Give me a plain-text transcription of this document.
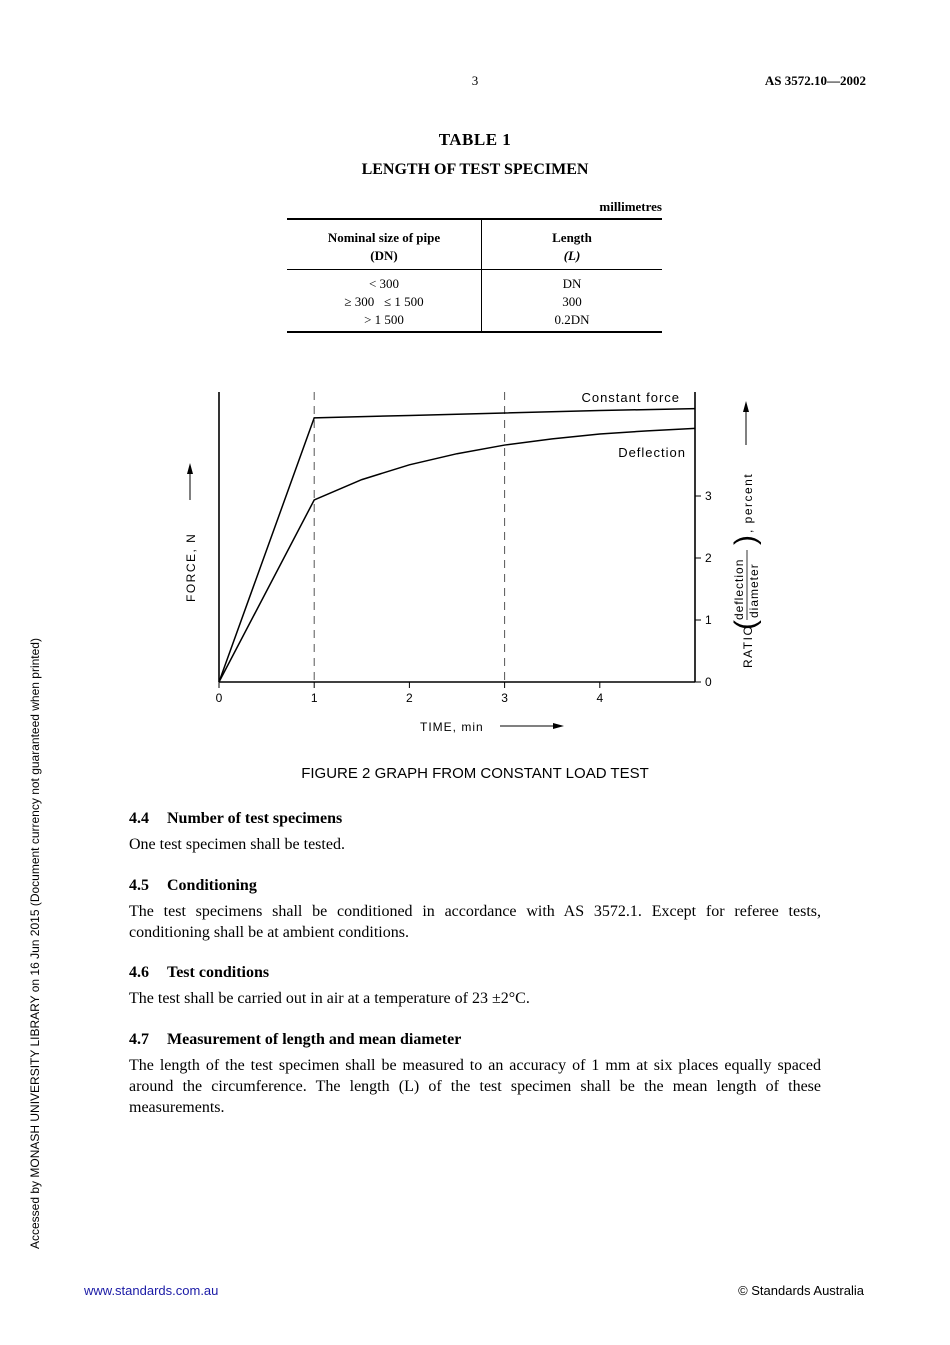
3	AS 3572.10—2002
TABLE 1
LENGTH OF TEST SPECIMEN
millimetres
Nominal size of pipe	Length
(DN)	(L)
< 300	DN
≥ 300   ≤ 1 500	300
> 1 500	0.2DN
0	1	2	3	4
0
1
2
3
Constant force
Deflection
TIME, min
FORCE, N
RATIO
(
deflection diameter
)
, percent
FIGURE 2 GRAPH FROM CONSTANT LOAD TEST

4.4 Number of test specimens

One test specimen shall be tested.

4.5 Conditioning

The test specimens shall be conditioned in accordance with AS 3572.1. Except for referee tests, conditioning shall be at ambient conditions.

4.6 Test conditions

The test shall be carried out in air at a temperature of 23 ±2°C.

4.7 Measurement of length and mean diameter

The length of the test specimen shall be measured to an accuracy of 1 mm at six places equally spaced around the circumference. The length (L) of the test specimen shall be the mean length of these measurements.

Accessed by MONASH UNIVERSITY LIBRARY on 16 Jun 2015 (Document currency not guaranteed when printed)
www.standards.com.au	© Standards Australia
